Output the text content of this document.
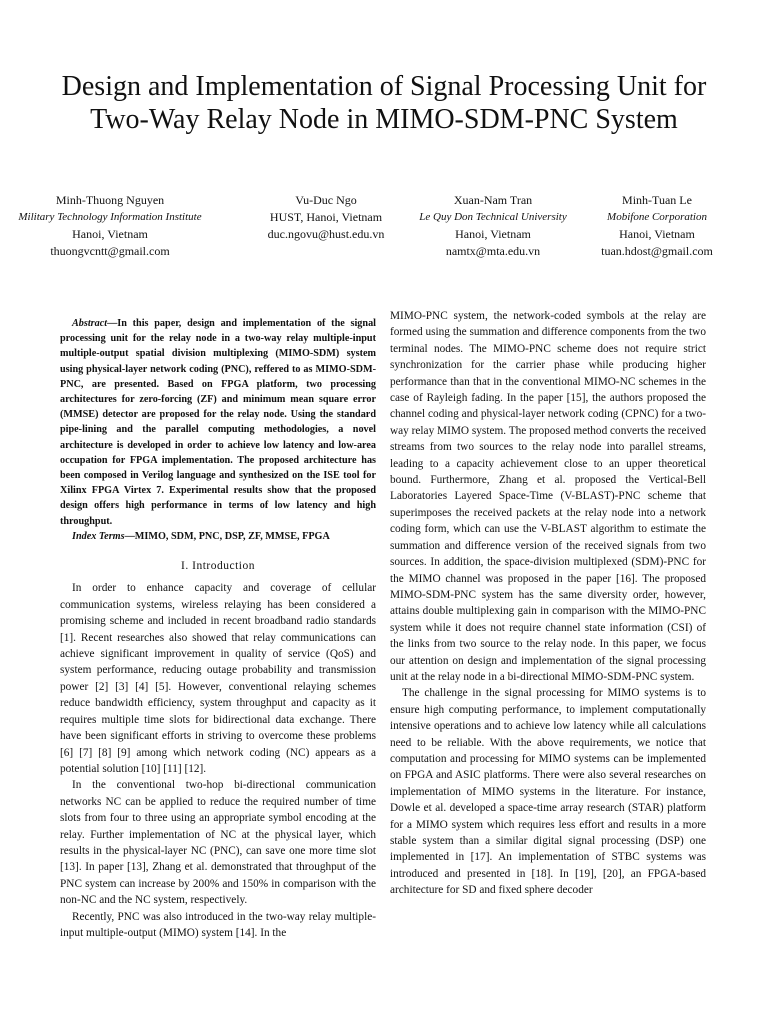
Design and Implementation of Signal Processing Unit for Two-Way Relay Node in MIMO-SDM-PNC System
Minh-Thuong Nguyen
Military Technology Information Institute
Hanoi, Vietnam
thuongvcntt@gmail.com
Vu-Duc Ngo
HUST, Hanoi, Vietnam
duc.ngovu@hust.edu.vn
Xuan-Nam Tran
Le Quy Don Technical University
Hanoi, Vietnam
namtx@mta.edu.vn
Minh-Tuan Le
Mobifone Corporation
Hanoi, Vietnam
tuan.hdost@gmail.com

Abstract—In this paper, design and implementation of the signal processing unit for the relay node in a two-way relay multiple-input multiple-output spatial division multiplexing (MIMO-SDM) system using physical-layer network coding (PNC), reffered to as MIMO-SDM-PNC, are presented. Based on FPGA platform, two processing architectures for zero-forcing (ZF) and minimum mean square error (MMSE) detector are proposed for the relay node. Using the standard pipe-lining and the parallel computing methodologies, a novel architecture is developed in order to achieve low latency and low-area occupation for FPGA implementation. The proposed architecture has been composed in Verilog language and synthesized on the ISE tool for Xilinx FPGA Virtex 7. Experimental results show that the proposed design offers high performance in terms of low latency and high throughput.

Index Terms—MIMO, SDM, PNC, DSP, ZF, MMSE, FPGA

I. Introduction

In order to enhance capacity and coverage of cellular communication systems, wireless relaying has been considered a promising scheme and included in recent broadband radio standards [1]. Recent researches also showed that relay communications can achieve significant improvement in quality of service (QoS) and system performance, reducing outage probability and transmission power [2] [3] [4] [5]. However, conventional relaying schemes reduce bandwidth efficiency, system throughput and capacity as it requires multiple time slots for bidirectional data exchange. There have been significant efforts in striving to overcome these problems [6] [7] [8] [9] among which network coding (NC) appears as a potential solution [10] [11] [12].

In the conventional two-hop bi-directional communication networks NC can be applied to reduce the required number of time slots from four to three using an appropriate symbol encoding at the relay. Further implementation of NC at the physical layer, which results in the physical-layer NC (PNC), can save one more time slot [13]. In paper [13], Zhang et al. demonstrated that throughput of the PNC system can increase by 200% and 150% in comparison with the non-NC and the NC system, respectively.

Recently, PNC was also introduced in the two-way relay multiple-input multiple-output (MIMO) system [14]. In the

MIMO-PNC system, the network-coded symbols at the relay are formed using the summation and difference components from the two terminal nodes. The MIMO-PNC scheme does not require strict synchronization for the carrier phase while producing higher performance than that in the conventional MIMO-NC schemes in the case of Rayleigh fading. In the paper [15], the authors proposed the channel coding and physical-layer network coding (CPNC) for a two-way relay MIMO system. The proposed method converts the received streams from two sources to the relay node into parallel streams, leading to a capacity achievement close to an upper theoretical bound. Furthermore, Zhang et al. proposed the Vertical-Bell Laboratories Layered Space-Time (V-BLAST)-PNC scheme that superimposes the received packets at the relay node into a network coding form, which can use the V-BLAST algorithm to estimate the summation and difference version of the received signals from two sources. In addition, the space-division multiplexed (SDM)-PNC for the MIMO channel was proposed in the paper [16]. The proposed MIMO-SDM-PNC system has the same diversity order, however, attains double multiplexing gain in comparison with the MIMO-PNC system while it does not require channel state information (CSI) of the links from two source to the relay node. In this paper, we focus our attention on design and implementation of the signal processing unit at the relay node in a bi-directional MIMO-SDM-PNC system.

The challenge in the signal processing for MIMO systems is to ensure high computing performance, to implement computationally intensive operations and to achieve low latency while all calculations need to be reliable. With the above requirements, we notice that computation and processing for MIMO systems can be implemented on FPGA and ASIC platforms. There were also several researches on implementation of MIMO systems in the literature. For instance, Dowle et al. developed a space-time array research (STAR) platform for a MIMO system which requires less effort and results in a more stable system than a similar digital signal processing (DSP) one implemented in [17]. An implementation of STBC systems was introduced and presented in [18]. In [19], [20], an FPGA-based architecture for SD and fixed sphere decoder
